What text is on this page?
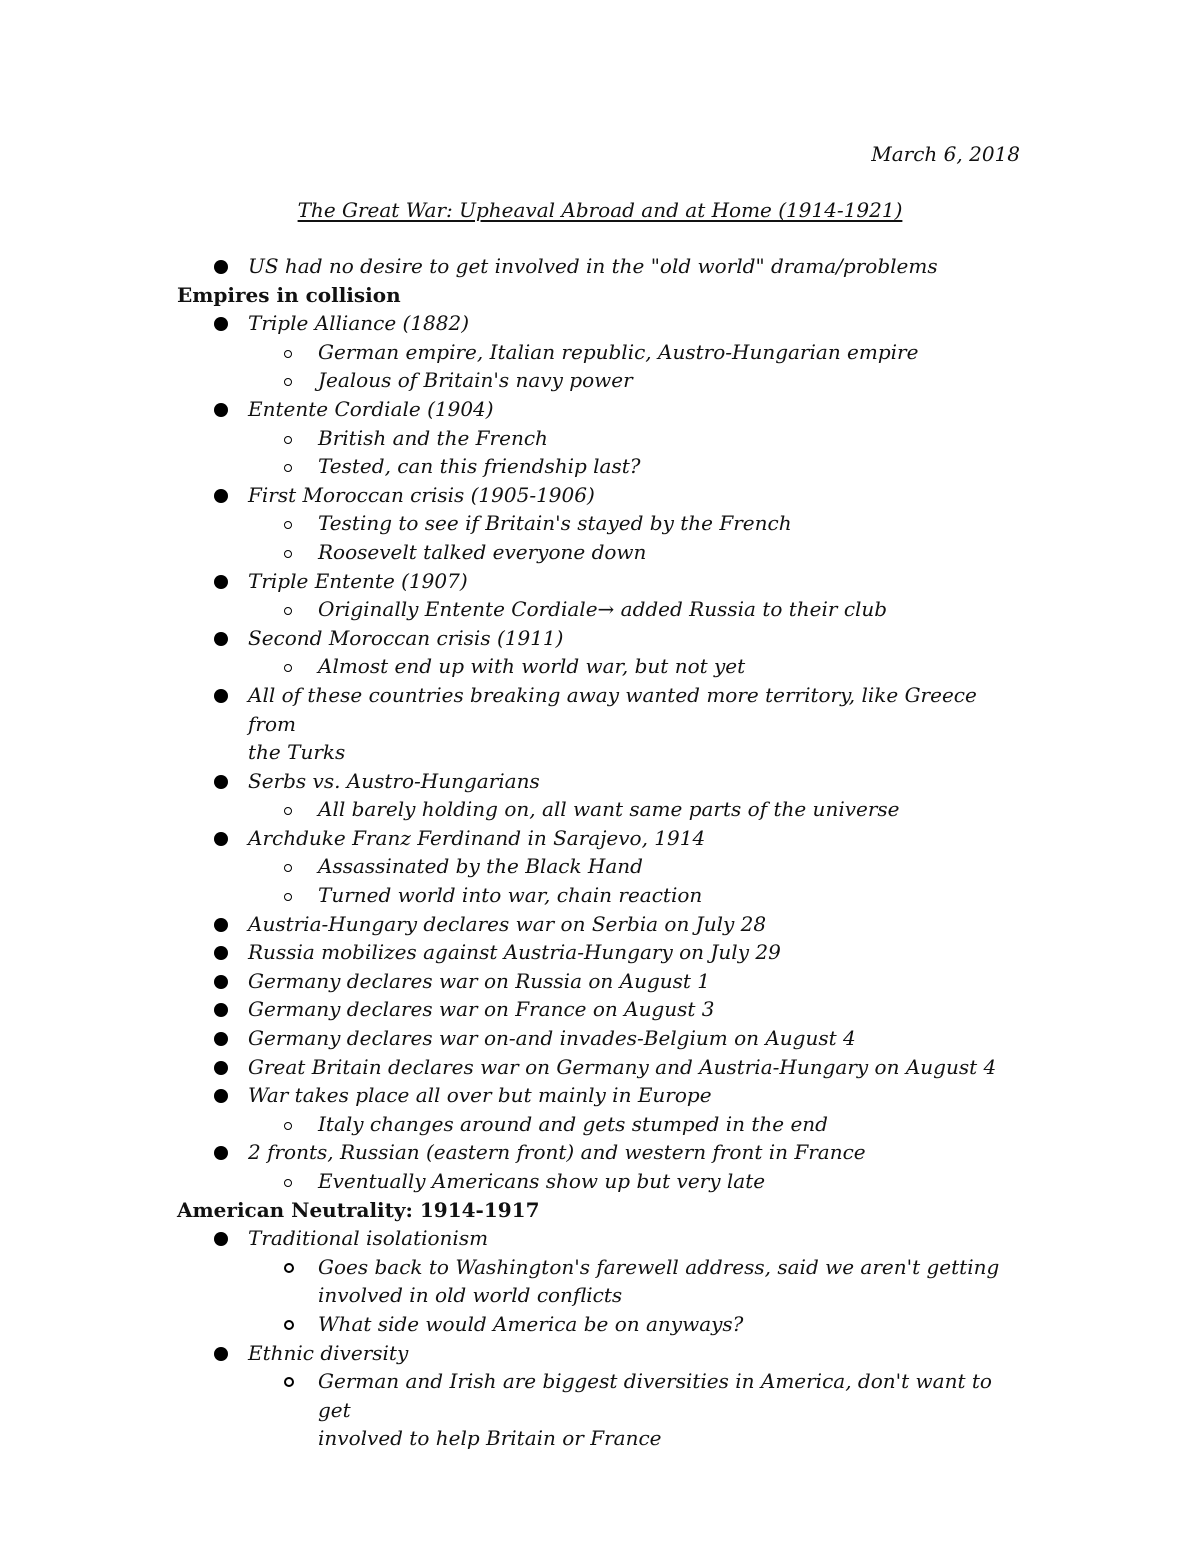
March 6, 2018
The Great War: Upheaval Abroad and at Home (1914-1921)
US had no desire to get involved in the "old world" drama/problems
Empires in collision
Triple Alliance (1882)
German empire, Italian republic, Austro-Hungarian empire
Jealous of Britain's navy power
Entente Cordiale (1904)
British and the French
Tested, can this friendship last?
First Moroccan crisis (1905-1906)
Testing to see if Britain's stayed by the French
Roosevelt talked everyone down
Triple Entente (1907)
Originally Entente Cordiale→ added Russia to their club
Second Moroccan crisis (1911)
Almost end up with world war, but not yet
All of these countries breaking away wanted more territory, like Greece from
the Turks
Serbs vs. Austro-Hungarians
All barely holding on, all want same parts of the universe
Archduke Franz Ferdinand in Sarajevo, 1914
Assassinated by the Black Hand
Turned world into war, chain reaction
Austria-Hungary declares war on Serbia on July 28
Russia mobilizes against Austria-Hungary on July 29
Germany declares war on Russia on August 1
Germany declares war on France on August 3
Germany declares war on-and invades-Belgium on August 4
Great Britain declares war on Germany and Austria-Hungary on August 4
War takes place all over but mainly in Europe
Italy changes around and gets stumped in the end
2 fronts, Russian (eastern front) and western front in France
Eventually Americans show up but very late
American Neutrality: 1914-1917
Traditional isolationism
Goes back to Washington's farewell address, said we aren't getting
involved in old world conflicts
What side would America be on anyways?
Ethnic diversity
German and Irish are biggest diversities in America, don't want to get
involved to help Britain or France
